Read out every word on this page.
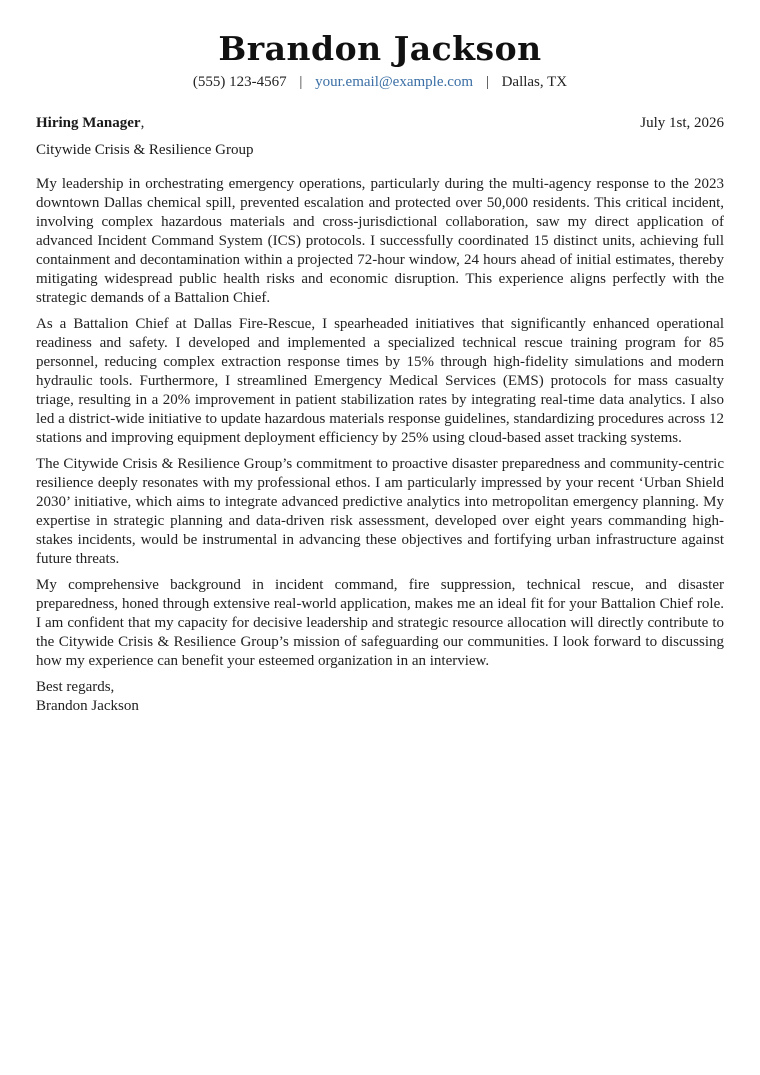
Brandon Jackson
(555) 123-4567 | your.email@example.com | Dallas, TX
Hiring Manager,	July 1st, 2026
Citywide Crisis & Resilience Group

My leadership in orchestrating emergency operations, particularly during the multi-agency response to the 2023 downtown Dallas chemical spill, prevented escalation and protected over 50,000 residents. This critical incident, involving complex hazardous materials and cross-jurisdictional collaboration, saw my direct application of advanced Incident Command System (ICS) protocols. I successfully coordinated 15 distinct units, achieving full containment and decontamination within a projected 72-hour window, 24 hours ahead of initial estimates, thereby mitigating widespread public health risks and economic disruption. This experience aligns perfectly with the strategic demands of a Battalion Chief.

As a Battalion Chief at Dallas Fire-Rescue, I spearheaded initiatives that significantly enhanced operational readiness and safety. I developed and implemented a specialized technical rescue training program for 85 personnel, reducing complex extraction response times by 15% through high-fidelity simulations and modern hydraulic tools. Furthermore, I streamlined Emergency Medical Services (EMS) protocols for mass casualty triage, resulting in a 20% improvement in patient stabilization rates by integrating real-time data analytics. I also led a district-wide initiative to update hazardous materials response guidelines, standardizing procedures across 12 stations and improving equipment deployment efficiency by 25% using cloud-based asset tracking systems.

The Citywide Crisis & Resilience Group’s commitment to proactive disaster preparedness and community-centric resilience deeply resonates with my professional ethos. I am particularly impressed by your recent ‘Urban Shield 2030’ initiative, which aims to integrate advanced predictive analytics into metropolitan emergency planning. My expertise in strategic planning and data-driven risk assessment, developed over eight years commanding high-stakes incidents, would be instrumental in advancing these objectives and fortifying urban infrastructure against future threats.

My comprehensive background in incident command, fire suppression, technical rescue, and disaster preparedness, honed through extensive real-world application, makes me an ideal fit for your Battalion Chief role. I am confident that my capacity for decisive leadership and strategic resource allocation will directly contribute to the Citywide Crisis & Resilience Group’s mission of safeguarding our communities. I look forward to discussing how my experience can benefit your esteemed organization in an interview.

Best regards,
Brandon Jackson
